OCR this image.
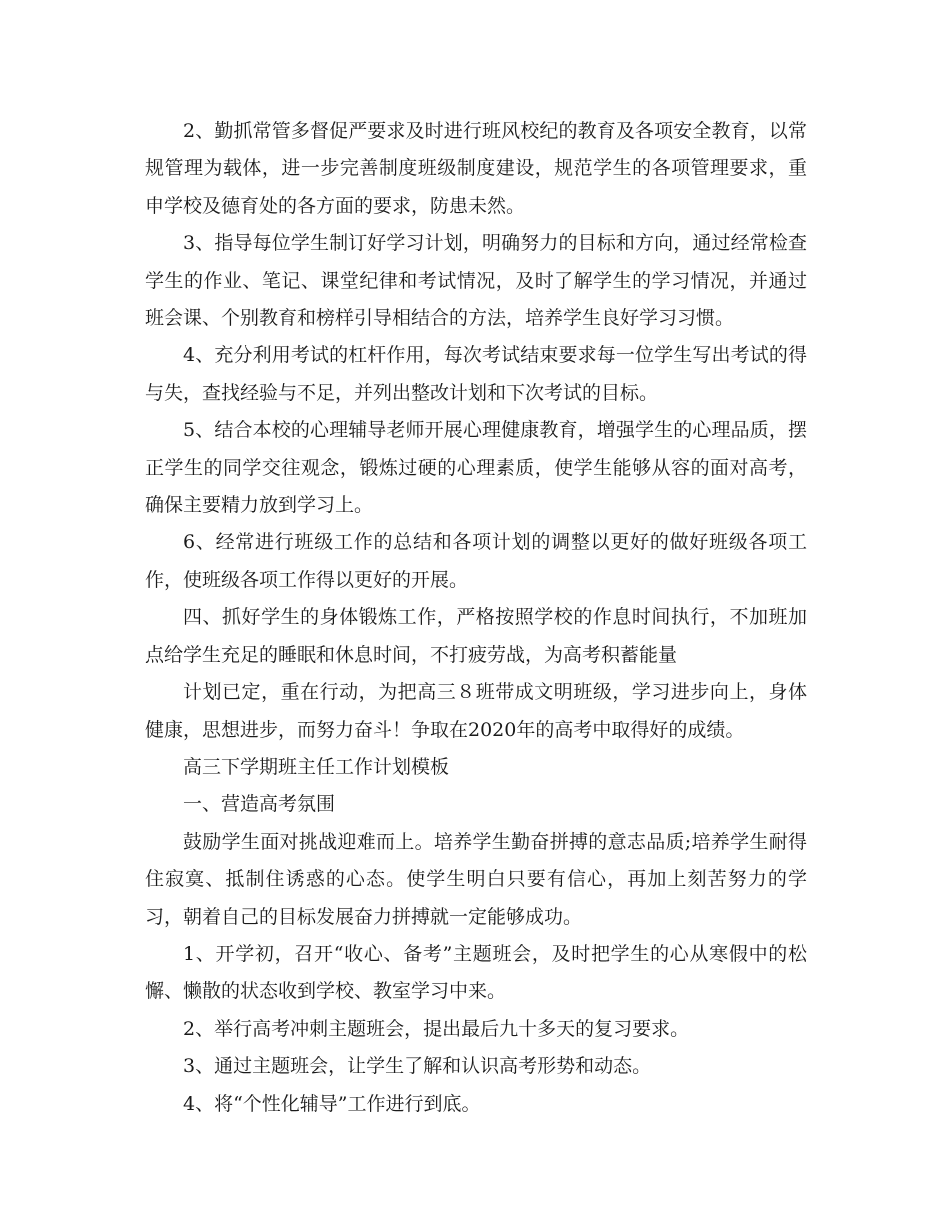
2、勤抓常管多督促严要求及时进行班风校纪的教育及各项安全教育，以常规管理为载体，进一步完善制度班级制度建设，规范学生的各项管理要求，重申学校及德育处的各方面的要求，防患未然。

3、指导每位学生制订好学习计划，明确努力的目标和方向，通过经常检查学生的作业、笔记、课堂纪律和考试情况，及时了解学生的学习情况，并通过班会课、个别教育和榜样引导相结合的方法，培养学生良好学习习惯。

4、充分利用考试的杠杆作用，每次考试结束要求每一位学生写出考试的得与失，查找经验与不足，并列出整改计划和下次考试的目标。

5、结合本校的心理辅导老师开展心理健康教育，增强学生的心理品质，摆正学生的同学交往观念，锻炼过硬的心理素质，使学生能够从容的面对高考，确保主要精力放到学习上。

6、经常进行班级工作的总结和各项计划的调整以更好的做好班级各项工作，使班级各项工作得以更好的开展。

四、抓好学生的身体锻炼工作，严格按照学校的作息时间执行，不加班加点给学生充足的睡眠和休息时间，不打疲劳战，为高考积蓄能量

计划已定，重在行动，为把高三８班带成文明班级，学习进步向上，身体健康，思想进步，而努力奋斗！争取在2020年的高考中取得好的成绩。

高三下学期班主任工作计划模板

一、营造高考氛围

鼓励学生面对挑战迎难而上。培养学生勤奋拼搏的意志品质;培养学生耐得住寂寞、抵制住诱惑的心态。使学生明白只要有信心，再加上刻苦努力的学习，朝着自己的目标发展奋力拼搏就一定能够成功。

1、开学初，召开“收心、备考”主题班会，及时把学生的心从寒假中的松懈、懒散的状态收到学校、教室学习中来。

2、举行高考冲刺主题班会，提出最后九十多天的复习要求。

3、通过主题班会，让学生了解和认识高考形势和动态。

4、将“个性化辅导”工作进行到底。
